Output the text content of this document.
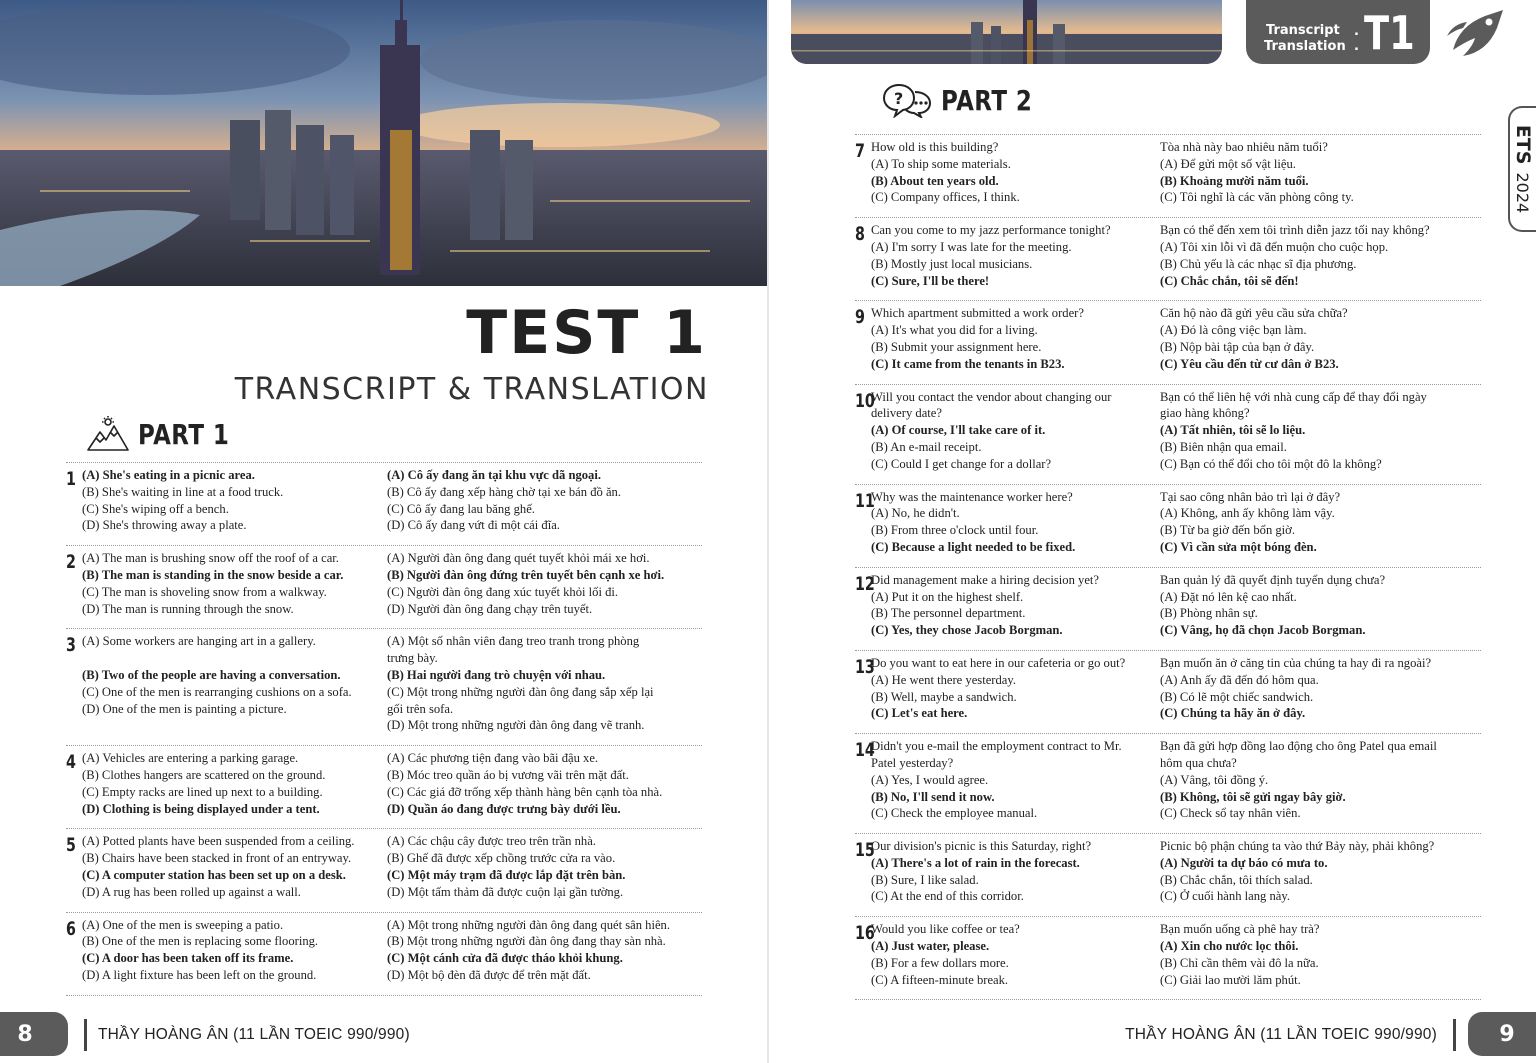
TEST 1
TRANSCRIPT & TRANSLATION
PART 1
1 (A) She's eating in a picnic area.
(B) She's waiting in line at a food truck.
(C) She's wiping off a bench.
(D) She's throwing away a plate.
(A) Cô ấy đang ăn tại khu vực dã ngoại.
(B) Cô ấy đang xếp hàng chờ tại xe bán đồ ăn.
(C) Cô ấy đang lau băng ghế.
(D) Cô ấy đang vứt đi một cái đĩa.
2 (A) The man is brushing snow off the roof of a car.
(B) The man is standing in the snow beside a car.
(C) The man is shoveling snow from a walkway.
(D) The man is running through the snow.
(A) Người đàn ông đang quét tuyết khỏi mái xe hơi.
(B) Người đàn ông đứng trên tuyết bên cạnh xe hơi.
(C) Người đàn ông đang xúc tuyết khỏi lối đi.
(D) Người đàn ông đang chạy trên tuyết.
3 (A) Some workers are hanging art in a gallery.
(B) Two of the people are having a conversation.
(C) One of the men is rearranging cushions on a sofa.
(D) One of the men is painting a picture.
(A) Một số nhân viên đang treo tranh trong phòng
trưng bày.
(B) Hai người đang trò chuyện với nhau.
(C) Một trong những người đàn ông đang sắp xếp lại
gối trên sofa.
(D) Một trong những người đàn ông đang vẽ tranh.
4 (A) Vehicles are entering a parking garage.
(B) Clothes hangers are scattered on the ground.
(C) Empty racks are lined up next to a building.
(D) Clothing is being displayed under a tent.
(A) Các phương tiện đang vào bãi đậu xe.
(B) Móc treo quần áo bị vương vãi trên mặt đất.
(C) Các giá đỡ trống xếp thành hàng bên cạnh tòa nhà.
(D) Quần áo đang được trưng bày dưới lều.
5 (A) Potted plants have been suspended from a ceiling.
(B) Chairs have been stacked in front of an entryway.
(C) A computer station has been set up on a desk.
(D) A rug has been rolled up against a wall.
(A) Các chậu cây được treo trên trần nhà.
(B) Ghế đã được xếp chồng trước cửa ra vào.
(C) Một máy trạm đã được lắp đặt trên bàn.
(D) Một tấm thảm đã được cuộn lại gần tường.
6 (A) One of the men is sweeping a patio.
(B) One of the men is replacing some flooring.
(C) A door has been taken off its frame.
(D) A light fixture has been left on the ground.
(A) Một trong những người đàn ông đang quét sân hiên.
(B) Một trong những người đàn ông đang thay sàn nhà.
(C) Một cánh cửa đã được tháo khỏi khung.
(D) Một bộ đèn đã được để trên mặt đất.
8	THẦY HOÀNG ÂN (11 LẦN TOEIC 990/990)
Transcript
Translation
.
. T1
ETS2024
? PART 2
7 How old is this building?
(A) To ship some materials.
(B) About ten years old.
(C) Company offices, I think.
Tòa nhà này bao nhiêu năm tuổi?
(A) Để gửi một số vật liệu.
(B) Khoảng mười năm tuổi.
(C) Tôi nghĩ là các văn phòng công ty.
8 Can you come to my jazz performance tonight?
(A) I'm sorry I was late for the meeting.
(B) Mostly just local musicians.
(C) Sure, I'll be there!
Bạn có thể đến xem tôi trình diễn jazz tối nay không?
(A) Tôi xin lỗi vì đã đến muộn cho cuộc họp.
(B) Chủ yếu là các nhạc sĩ địa phương.
(C) Chắc chắn, tôi sẽ đến!
9 Which apartment submitted a work order?
(A) It's what you did for a living.
(B) Submit your assignment here.
(C) It came from the tenants in B23.
Căn hộ nào đã gửi yêu cầu sửa chữa?
(A) Đó là công việc bạn làm.
(B) Nộp bài tập của bạn ở đây.
(C) Yêu cầu đến từ cư dân ở B23.
10
Will you contact the vendor about changing our
delivery date?
(A) Of course, I'll take care of it.
(B) An e-mail receipt.
(C) Could I get change for a dollar?
Bạn có thể liên hệ với nhà cung cấp để thay đổi ngày
giao hàng không?
(A) Tất nhiên, tôi sẽ lo liệu.
(B) Biên nhận qua email.
(C) Bạn có thể đổi cho tôi một đô la không?
11
Why was the maintenance worker here?
(A) No, he didn't.
(B) From three o'clock until four.
(C) Because a light needed to be fixed.
Tại sao công nhân bảo trì lại ở đây?
(A) Không, anh ấy không làm vậy.
(B) Từ ba giờ đến bốn giờ.
(C) Vì cần sửa một bóng đèn.
12
Did management make a hiring decision yet?
(A) Put it on the highest shelf.
(B) The personnel department.
(C) Yes, they chose Jacob Borgman.
Ban quản lý đã quyết định tuyển dụng chưa?
(A) Đặt nó lên kệ cao nhất.
(B) Phòng nhân sự.
(C) Vâng, họ đã chọn Jacob Borgman.
13
Do you want to eat here in our cafeteria or go out?
(A) He went there yesterday.
(B) Well, maybe a sandwich.
(C) Let's eat here.
Bạn muốn ăn ở căng tin của chúng ta hay đi ra ngoài?
(A) Anh ấy đã đến đó hôm qua.
(B) Có lẽ một chiếc sandwich.
(C) Chúng ta hãy ăn ở đây.
14
Didn't you e-mail the employment contract to Mr.
Patel yesterday?
(A) Yes, I would agree.
(B) No, I'll send it now.
(C) Check the employee manual.
Bạn đã gửi hợp đồng lao động cho ông Patel qua email
hôm qua chưa?
(A) Vâng, tôi đồng ý.
(B) Không, tôi sẽ gửi ngay bây giờ.
(C) Check sổ tay nhân viên.
15
Our division's picnic is this Saturday, right?
(A) There's a lot of rain in the forecast.
(B) Sure, I like salad.
(C) At the end of this corridor.
Picnic bộ phận chúng ta vào thứ Bảy này, phải không?
(A) Người ta dự báo có mưa to.
(B) Chắc chắn, tôi thích salad.
(C) Ở cuối hành lang này.
16
Would you like coffee or tea?
(A) Just water, please.
(B) For a few dollars more.
(C) A fifteen-minute break.
Bạn muốn uống cà phê hay trà?
(A) Xin cho nước lọc thôi.
(B) Chỉ cần thêm vài đô la nữa.
(C) Giải lao mười lăm phút.
9
THẦY HOÀNG ÂN (11 LẦN TOEIC 990/990)
